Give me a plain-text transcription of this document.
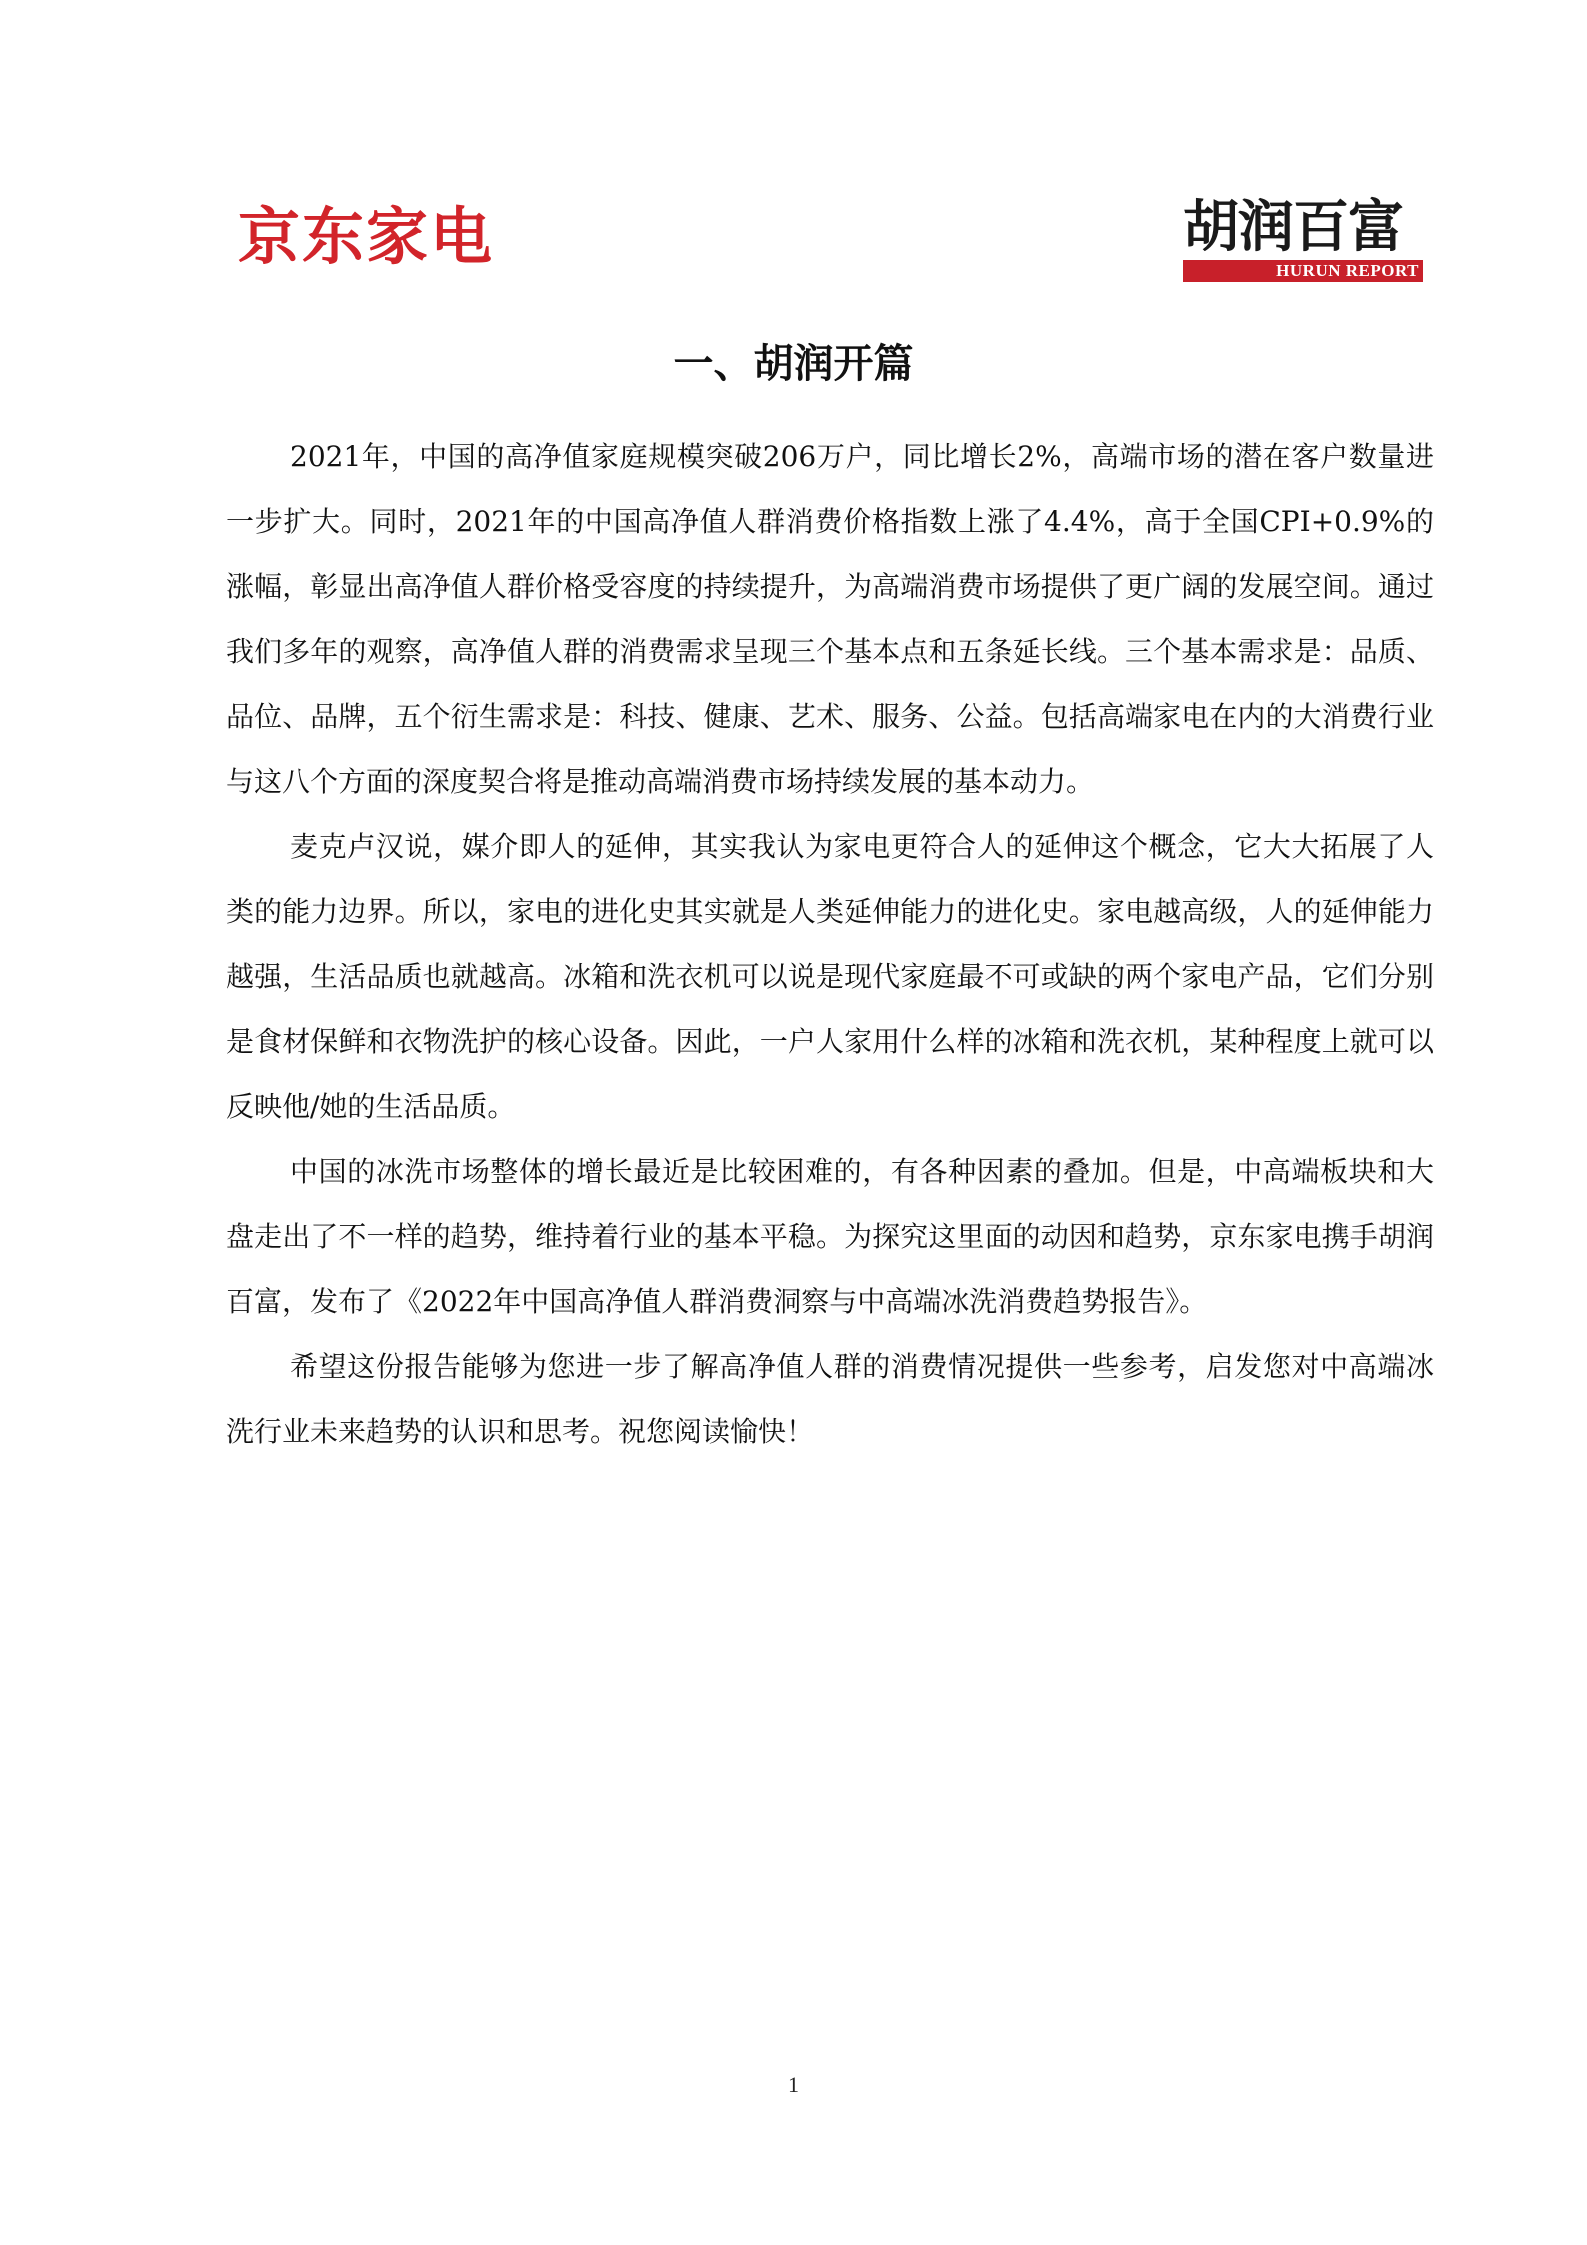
京东家电	胡润百富
HURUN REPORT
一、胡润开篇

2021年，中国的高净值家庭规模突破206万户，同比增长2%，高端市场的潜在客户数量进一步扩大。同时，2021年的中国高净值人群消费价格指数上涨了4.4%，高于全国CPI+0.9%的涨幅，彰显出高净值人群价格受容度的持续提升，为高端消费市场提供了更广阔的发展空间。通过我们多年的观察，高净值人群的消费需求呈现三个基本点和五条延长线。三个基本需求是：品质、品位、品牌，五个衍生需求是：科技、健康、艺术、服务、公益。包括高端家电在内的大消费行业与这八个方面的深度契合将是推动高端消费市场持续发展的基本动力。

麦克卢汉说，媒介即人的延伸，其实我认为家电更符合人的延伸这个概念，它大大拓展了人类的能力边界。所以，家电的进化史其实就是人类延伸能力的进化史。家电越高级，人的延伸能力越强，生活品质也就越高。冰箱和洗衣机可以说是现代家庭最不可或缺的两个家电产品，它们分别是食材保鲜和衣物洗护的核心设备。因此，一户人家用什么样的冰箱和洗衣机，某种程度上就可以反映他/她的生活品质。

中国的冰洗市场整体的增长最近是比较困难的，有各种因素的叠加。但是，中高端板块和大盘走出了不一样的趋势，维持着行业的基本平稳。为探究这里面的动因和趋势，京东家电携手胡润百富，发布了《2022年中国高净值人群消费洞察与中高端冰洗消费趋势报告》。

希望这份报告能够为您进一步了解高净值人群的消费情况提供一些参考，启发您对中高端冰洗行业未来趋势的认识和思考。祝您阅读愉快！

1
